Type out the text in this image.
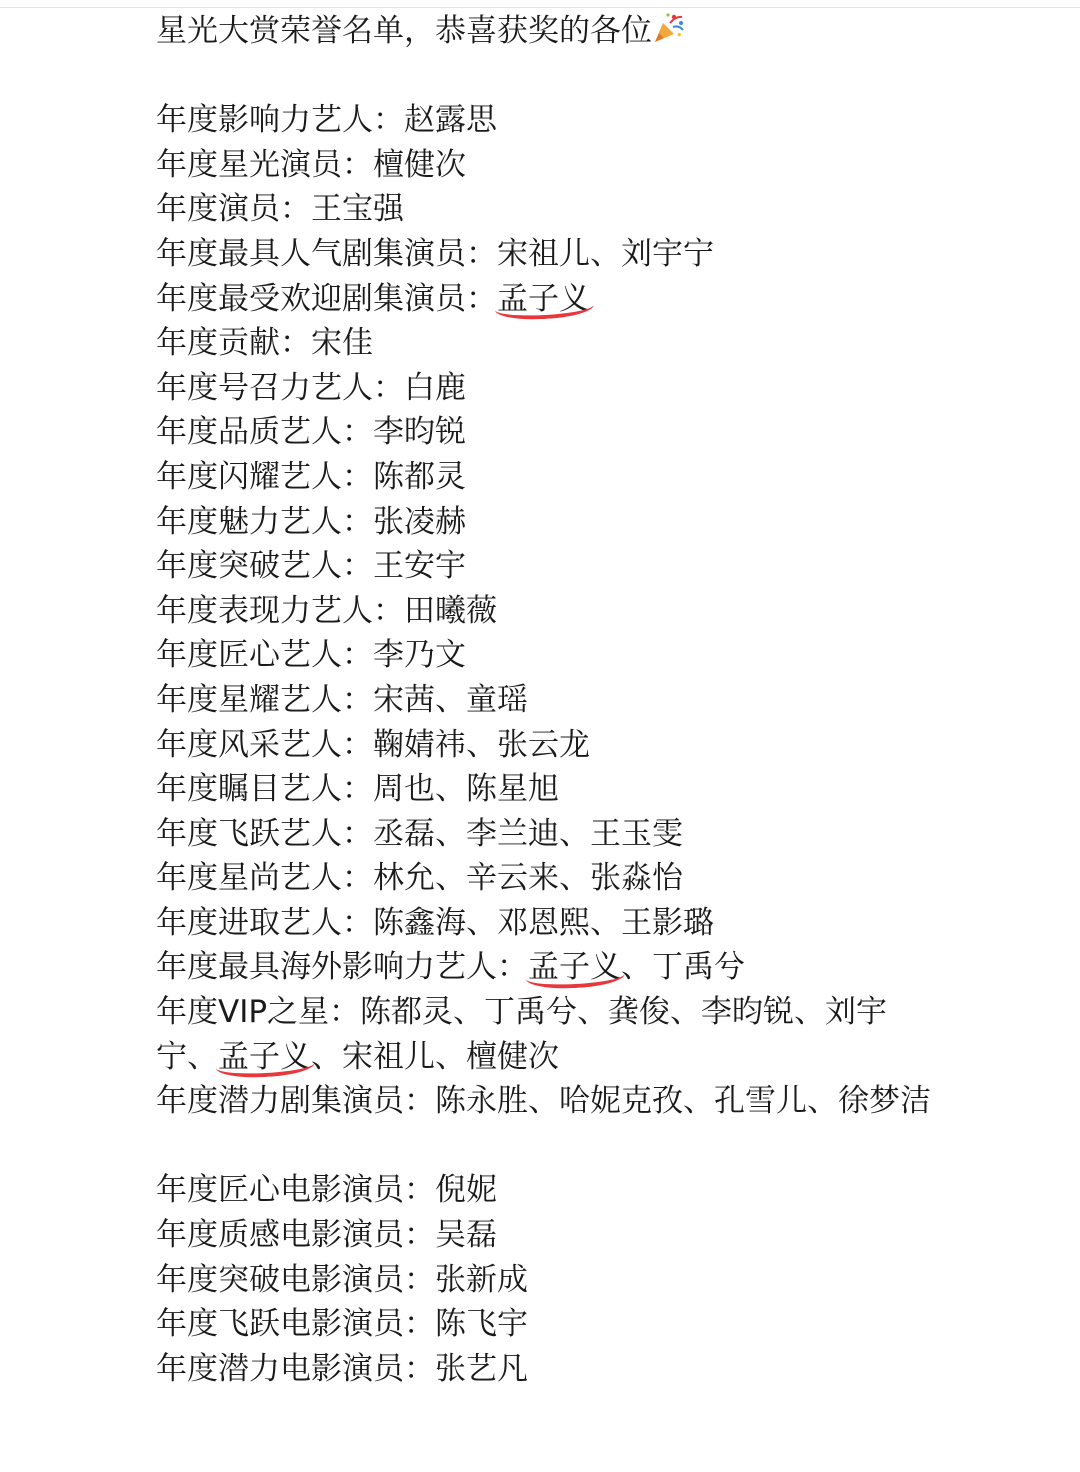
星光大赏荣誉名单，恭喜获奖的各位
年度影响力艺人：赵露思
年度星光演员：檀健次
年度演员：王宝强
年度最具人气剧集演员：宋祖儿、刘宇宁
年度最受欢迎剧集演员：孟子义
年度贡献：宋佳
年度号召力艺人：白鹿
年度品质艺人：李昀锐
年度闪耀艺人：陈都灵
年度魅力艺人：张凌赫
年度突破艺人：王安宇
年度表现力艺人：田曦薇
年度匠心艺人：李乃文
年度星耀艺人：宋茜、童瑶
年度风采艺人：鞠婧祎、张云龙
年度瞩目艺人：周也、陈星旭
年度飞跃艺人：丞磊、李兰迪、王玉雯
年度星尚艺人：林允、辛云来、张淼怡
年度进取艺人：陈鑫海、邓恩熙、王影璐
年度最具海外影响力艺人：孟子义、丁禹兮
年度VIP之星：陈都灵、丁禹兮、龚俊、李昀锐、刘宇宁、孟子义、宋祖儿、檀健次
年度潜力剧集演员：陈永胜、哈妮克孜、孔雪儿、徐梦洁
年度匠心电影演员：倪妮
年度质感电影演员：吴磊
年度突破电影演员：张新成
年度飞跃电影演员：陈飞宇
年度潜力电影演员：张艺凡
